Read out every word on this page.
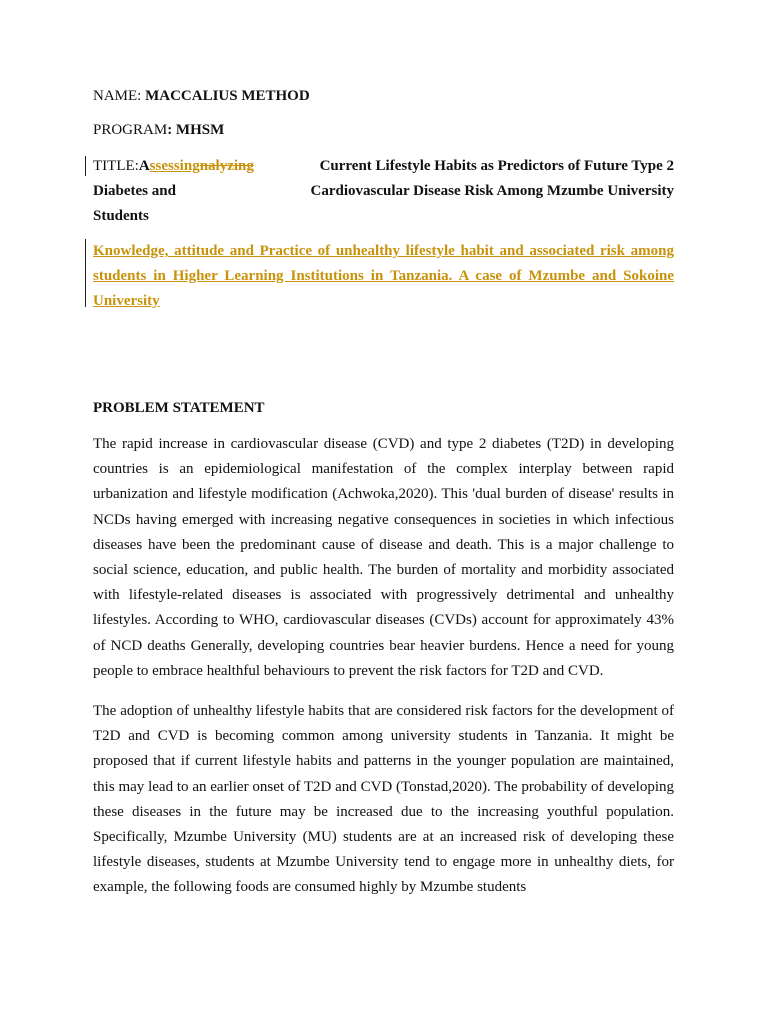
NAME: MACCALIUS METHOD
PROGRAM: MHSM
TITLE:Assessingnalyzing	Current Lifestyle Habits as Predictors of Future Type 2
Diabetes and	Cardiovascular Disease Risk Among Mzumbe University
Students
Knowledge, attitude and Practice of unhealthy lifestyle habit and associated risk among students in Higher Learning Institutions in Tanzania. A case of Mzumbe and Sokoine University
PROBLEM STATEMENT

The rapid increase in cardiovascular disease (CVD) and type 2 diabetes (T2D) in developing countries is an epidemiological manifestation of the complex interplay between rapid urbanization and lifestyle modification (Achwoka,2020). This 'dual burden of disease' results in NCDs having emerged with increasing negative consequences in societies in which infectious diseases have been the predominant cause of disease and death. This is a major challenge to social science, education, and public health. The burden of mortality and morbidity associated with lifestyle-related diseases is associated with progressively detrimental and unhealthy lifestyles. According to WHO, cardiovascular diseases (CVDs) account for approximately 43% of NCD deaths Generally, developing countries bear heavier burdens. Hence a need for young people to embrace healthful behaviours to prevent the risk factors for T2D and CVD.

The adoption of unhealthy lifestyle habits that are considered risk factors for the development of T2D and CVD is becoming common among university students in Tanzania. It might be proposed that if current lifestyle habits and patterns in the younger population are maintained, this may lead to an earlier onset of T2D and CVD (Tonstad,2020). The probability of developing these diseases in the future may be increased due to the increasing youthful population. Specifically, Mzumbe University (MU) students are at an increased risk of developing these lifestyle diseases, students at Mzumbe University tend to engage more in unhealthy diets, for example, the following foods are consumed highly by Mzumbe students
